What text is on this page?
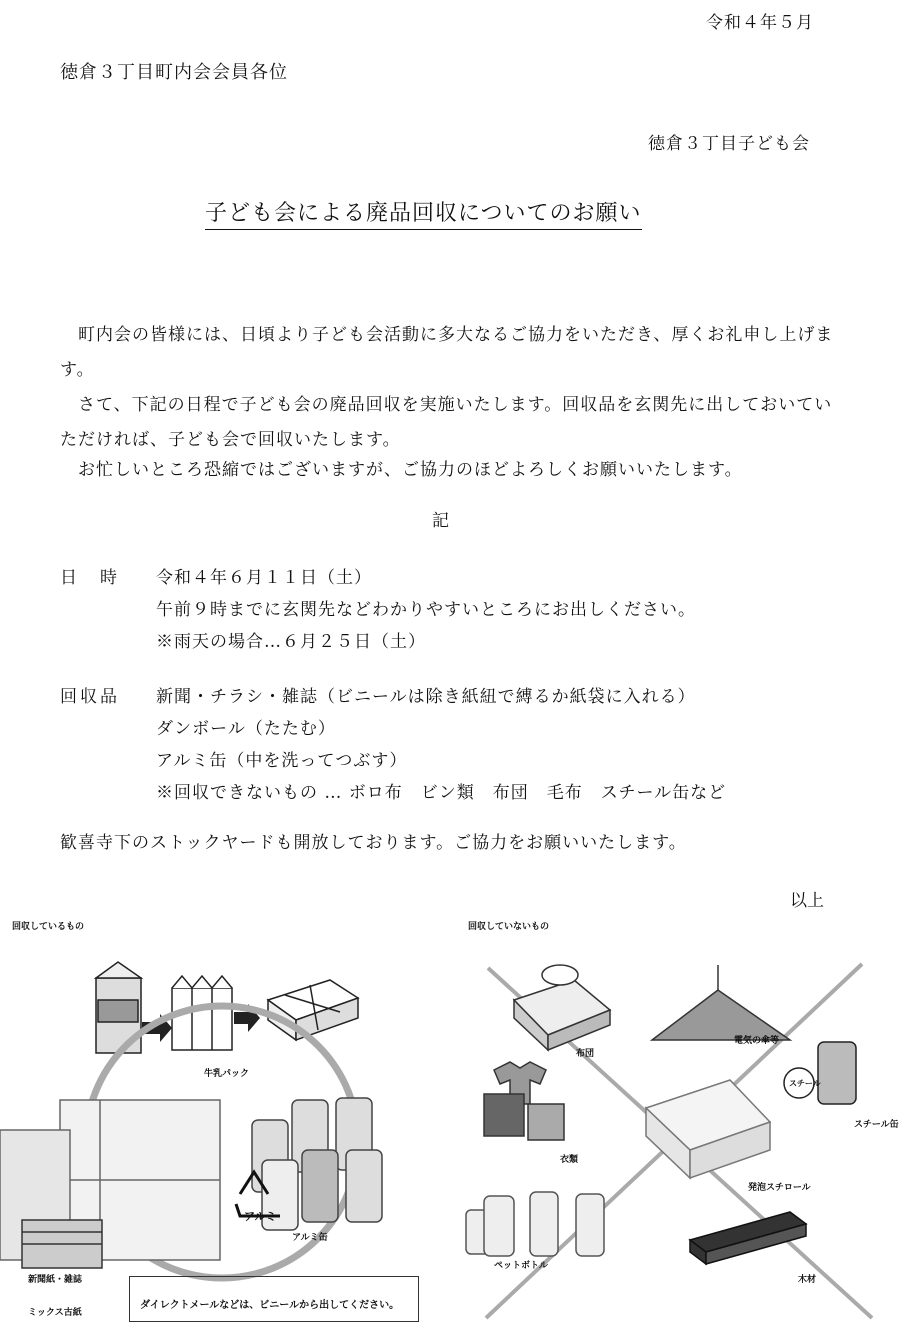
令和４年５月
徳倉３丁目町内会会員各位
徳倉３丁目子ども会
子ども会による廃品回収についてのお願い
　町内会の皆様には、日頃より子ども会活動に多大なるご協力をいただき、厚くお礼申し上げます。
　さて、下記の日程で子ども会の廃品回収を実施いたします。回収品を玄関先に出しておいていただければ、子ども会で回収いたします。
　お忙しいところ恐縮ではございますが、ご協力のほどよろしくお願いいたします。
記
日　時 令和４年６月１１日（土）
午前９時までに玄関先などわかりやすいところにお出しください。
※雨天の場合…６月２５日（土）
回収品 新聞・チラシ・雑誌（ビニールは除き紙紐で縛るか紙袋に入れる）
ダンボール（たたむ）
アルミ缶（中を洗ってつぶす）
※回収できないもの … ボロ布　ビン類　布団　毛布　スチール缶など
歓喜寺下のストックヤードも開放しております。ご協力をお願いいたします。
以上
回収しているもの	回収していないもの
牛乳パック
アルミ缶
新聞紙・雑誌
ミックス古紙
アルミ
布団
電気の傘等
衣類
スチール缶
発泡スチロール
ペットボトル
木材
スチール
ダイレクトメールなどは、ビニールから出してください。
